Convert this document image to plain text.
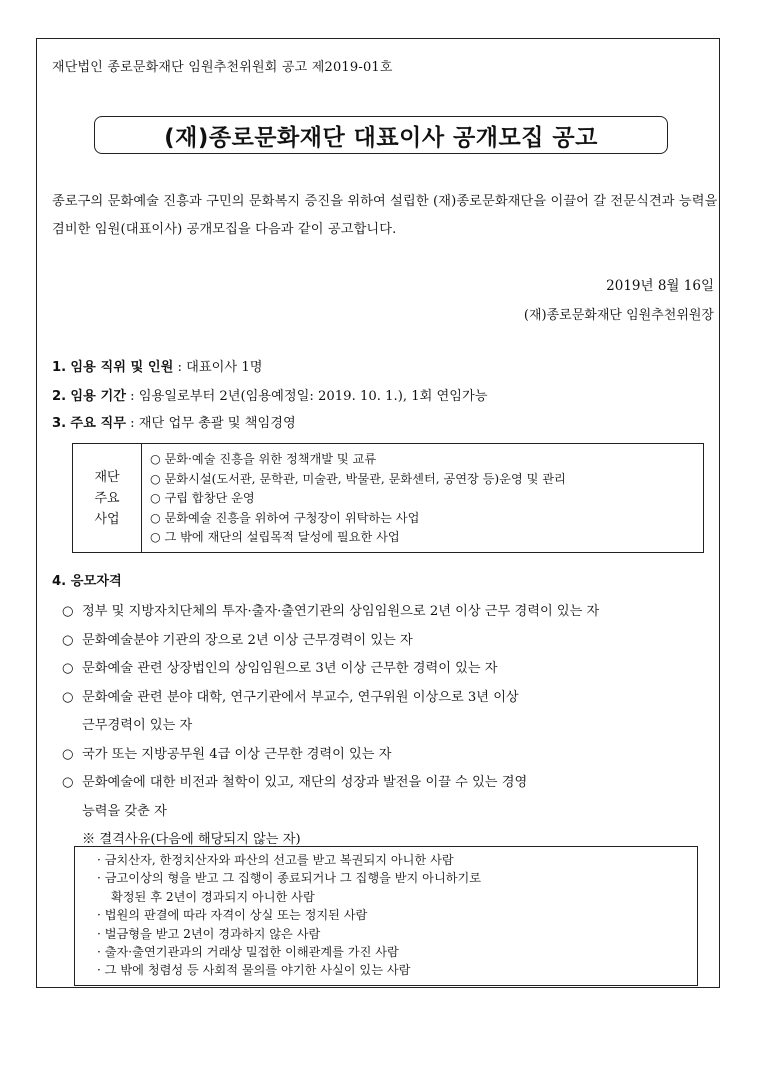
재단법인 종로문화재단 임원추천위원회 공고 제2019-01호
(재)종로문화재단 대표이사 공개모집 공고
종로구의 문화예술 진흥과 구민의 문화복지 증진을 위하여 설립한 (재)종로문화재단을 이끌어 갈 전문식견과 능력을 겸비한 임원(대표이사) 공개모집을 다음과 같이 공고합니다.
2019년 8월 16일
(재)종로문화재단 임원추천위원장
1. 임용 직위 및 인원 : 대표이사 1명
2. 임용 기간 : 임용일로부터 2년(임용예정일: 2019. 10. 1.), 1회 연임가능
3. 주요 직무 : 재단 업무 총괄 및 책임경영
재단
주요
사업
○ 문화·예술 진흥을 위한 정책개발 및 교류
○ 문화시설(도서관, 문학관, 미술관, 박물관, 문화센터, 공연장 등)운영 및 관리
○ 구립 합창단 운영
○ 문화예술 진흥을 위하여 구청장이 위탁하는 사업
○ 그 밖에 재단의 설립목적 달성에 필요한 사업
4. 응모자격
○ 정부 및 지방자치단체의 투자·출자·출연기관의 상임임원으로 2년 이상 근무 경력이 있는 자
○ 문화예술분야 기관의 장으로 2년 이상 근무경력이 있는 자
○ 문화예술 관련 상장법인의 상임임원으로 3년 이상 근무한 경력이 있는 자
○ 문화예술 관련 분야 대학, 연구기관에서 부교수, 연구위원 이상으로 3년 이상
근무경력이 있는 자
○ 국가 또는 지방공무원 4급 이상 근무한 경력이 있는 자
○ 문화예술에 대한 비전과 철학이 있고, 재단의 성장과 발전을 이끌 수 있는 경영
능력을 갖춘 자
※ 결격사유(다음에 해당되지 않는 자)
· 금치산자, 한정치산자와 파산의 선고를 받고 복권되지 아니한 사람
· 금고이상의 형을 받고 그 집행이 종료되거나 그 집행을 받지 아니하기로
확정된 후 2년이 경과되지 아니한 사람
· 법원의 판결에 따라 자격이 상실 또는 정지된 사람
· 벌금형을 받고 2년이 경과하지 않은 사람
· 출자·출연기관과의 거래상 밀접한 이해관계를 가진 사람
· 그 밖에 청렴성 등 사회적 물의를 야기한 사실이 있는 사람
